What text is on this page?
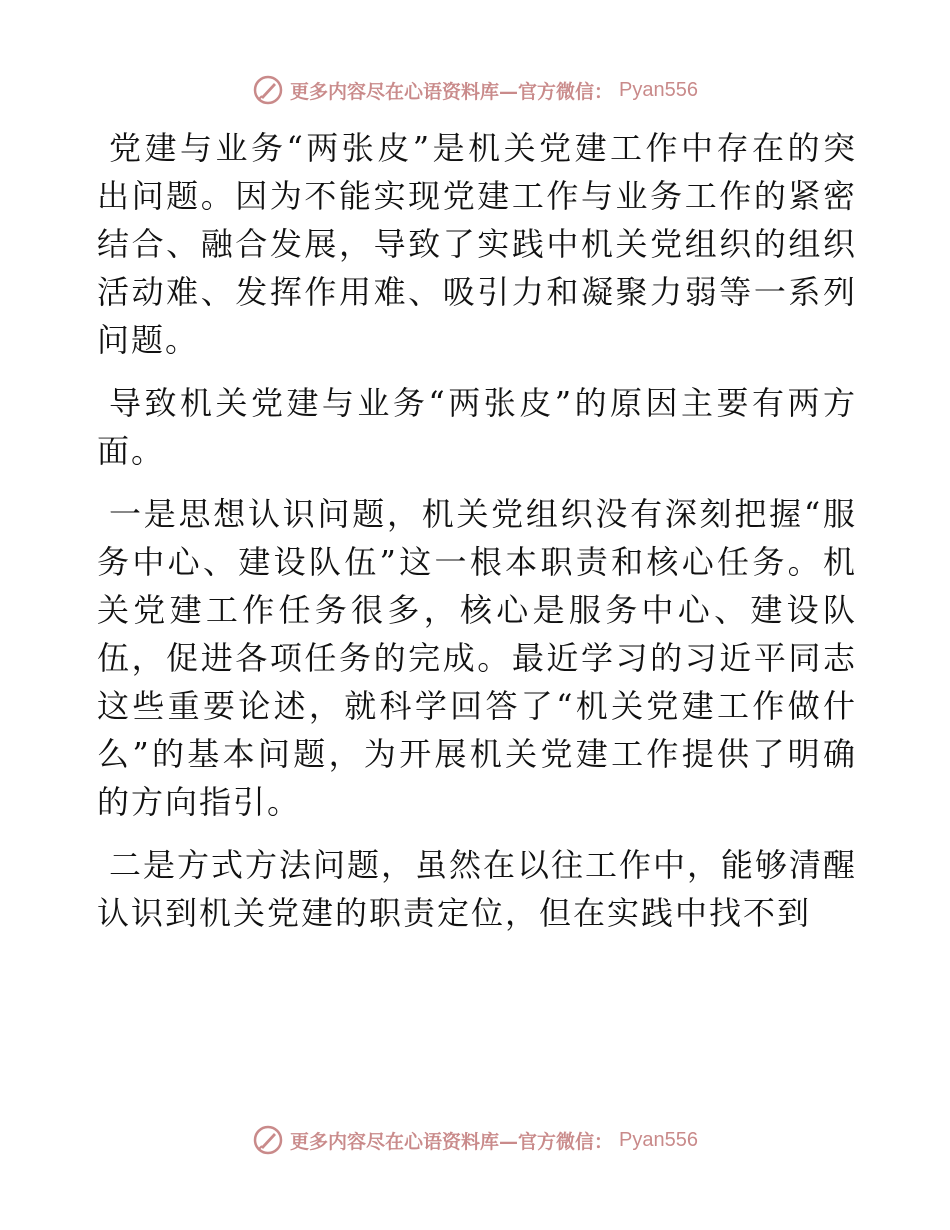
更多内容尽在心语资料库—官方微信： Pyan556

党建与业务“两张皮”是机关党建工作中存在的突出问题。因为不能实现党建工作与业务工作的紧密结合、融合发展，导致了实践中机关党组织的组织活动难、发挥作用难、吸引力和凝聚力弱等一系列问题。

导致机关党建与业务“两张皮”的原因主要有两方面。

一是思想认识问题，机关党组织没有深刻把握“服务中心、建设队伍”这一根本职责和核心任务。机关党建工作任务很多，核心是服务中心、建设队伍，促进各项任务的完成。最近学习的习近平同志这些重要论述，就科学回答了“机关党建工作做什么”的基本问题，为开展机关党建工作提供了明确的方向指引。

二是方式方法问题，虽然在以往工作中，能够清醒认识到机关党建的职责定位，但在实践中找不到

更多内容尽在心语资料库—官方微信： Pyan556
